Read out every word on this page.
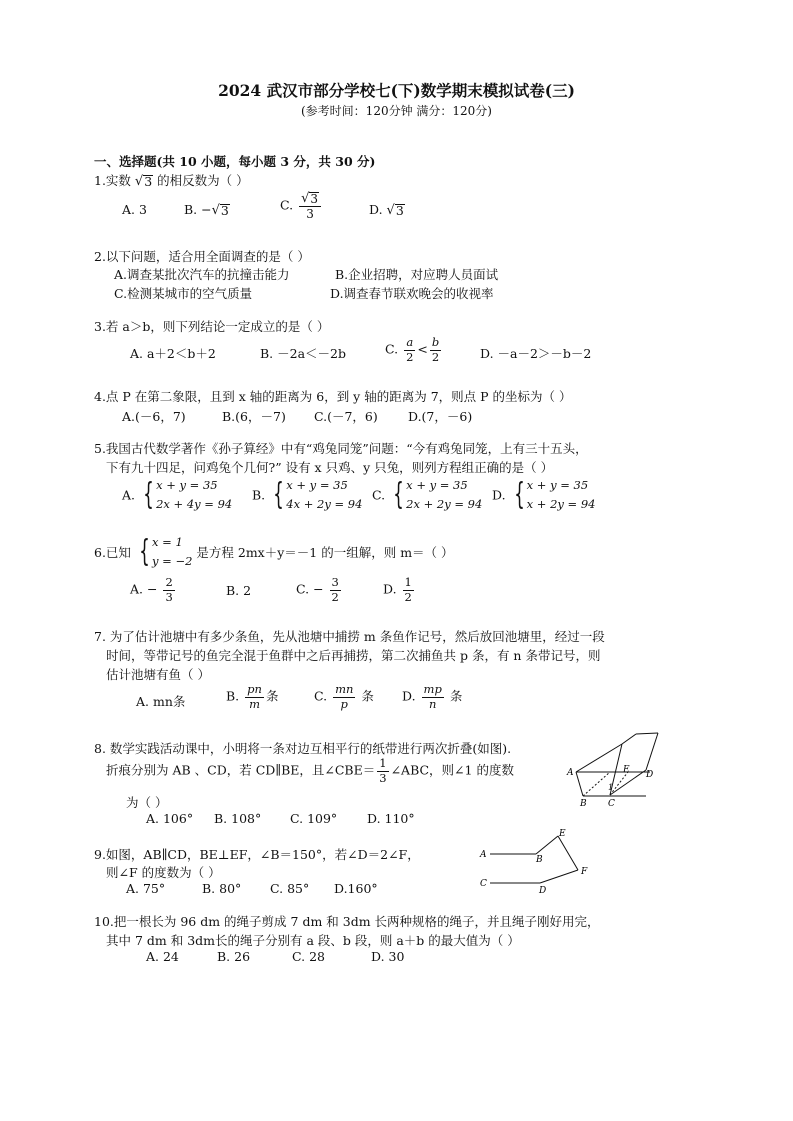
2024 武汉市部分学校七(下)数学期末模拟试卷(三)
(参考时间：120分钟 满分：120分)
一、选择题(共 10 小题，每小题 3 分，共 30 分)
1.实数 √ 3 的相反数为（ ）
A. 3	B. − √ 3	C. $\frac{√ 3}{3}$	D. √ 3
2.以下问题，适合用全面调查的是（ ）
A.调查某批次汽车的抗撞击能力	B.企业招聘，对应聘人员面试
C.检测某城市的空气质量	D.调查春节联欢晚会的收视率
3.若 a＞b，则下列结论一定成立的是（ ）
A. a＋2＜b＋2	B. －2a＜－2b	C. $\frac{a}{2} < \frac{b}{2}$	D. －a－2＞－b－2
4.点 P 在第二象限，且到 x 轴的距离为 6，到 y 轴的距离为 7，则点 P 的坐标为（ ）
A.(－6，7)	B.(6，－7) C.(－7，6) D.(7，－6)
5.我国古代数学著作《孙子算经》中有“鸡兔同笼”问题：“今有鸡兔同笼，上有三十五头，
下有九十四足，问鸡兔个几何?” 设有 x 只鸡、y 只兔，则列方程组正确的是（ ）
A. { x + y = 35
2x + 4y = 94
B. { x + y = 35
4x + 2y = 94
C. { x + y = 35
2x + 2y = 94
D. { x + y = 35
x + 2y = 94
6.已知 { x = 1
y = −2
是方程 2mx＋y＝－1 的一组解，则 m＝（ ）
A. − $\frac{2}{3}$	B. 2	C. − $\frac{3}{2}$	D. $\frac{1}{2}$
7. 为了估计池塘中有多少条鱼，先从池塘中捕捞 m 条鱼作记号，然后放回池塘里，经过一段
时间，等带记号的鱼完全混于鱼群中之后再捕捞，第二次捕鱼共 p 条，有 n 条带记号，则
估计池塘有鱼（ ）
A. mn条	B. $\frac{pn}{m}$ 条	C. $\frac{mn}{p}$ 条 D. $\frac{mp}{n}$ 条
8. 数学实践活动课中，小明将一条对边互相平行的纸带进行两次折叠(如图).
折痕分别为 AB 、CD，若 CD∥BE，且∠CBE＝ $\frac{1}{3}$ ∠ABC，则∠1 的度数
为（ ）
A. 106° B. 108° C. 109° D. 110°
A
B C
D
E
1
9.如图，AB∥CD，BE⊥EF，∠B＝150°，若∠D＝2∠F，
则∠F 的度数为（ ）
A. 75°	B. 80° C. 85° D.160°
A	B
C
D
E
F
10.把一根长为 96 dm 的绳子剪成 7 dm 和 3dm 长两种规格的绳子，并且绳子刚好用完，
其中 7 dm 和 3dm长的绳子分别有 a 段、b 段，则 a＋b 的最大值为（ ）
A. 24	B. 26	C. 28	D. 30
